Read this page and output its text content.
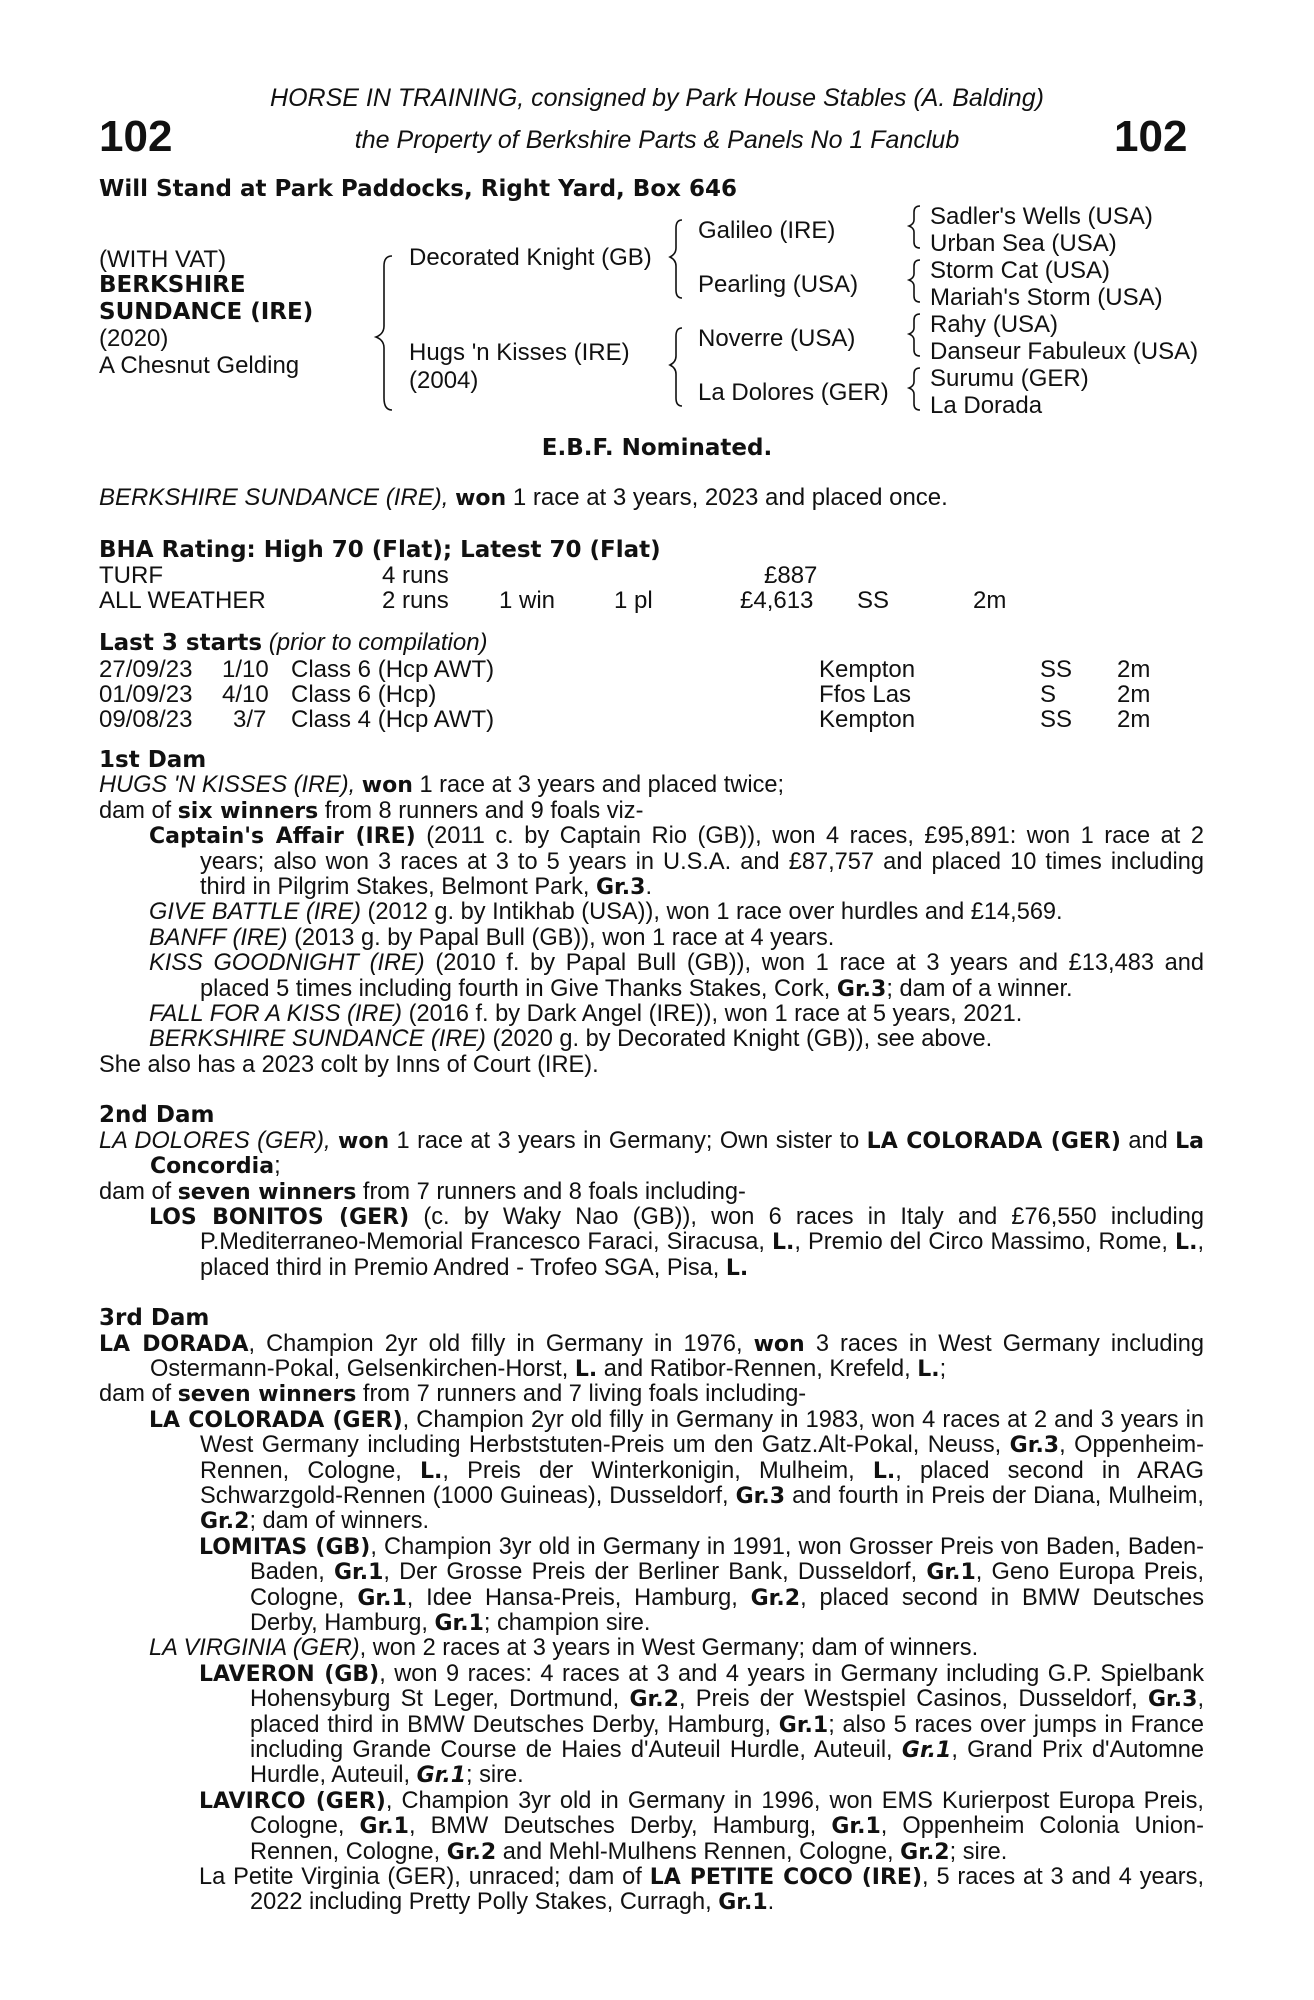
102	102
HORSE IN TRAINING, consigned by Park House Stables (A. Balding)
the Property of Berkshire Parts & Panels No 1 Fanclub
Will Stand at Park Paddocks, Right Yard, Box 646
(WITH VAT)
BERKSHIRE
SUNDANCE (IRE)
(2020)
A Chesnut Gelding
Decorated Knight (GB)
Hugs 'n Kisses (IRE)
(2004)
Galileo (IRE)
Pearling (USA)
Noverre (USA)
La Dolores (GER)
Sadler's Wells (USA)
Urban Sea (USA)
Storm Cat (USA)
Mariah's Storm (USA)
Rahy (USA)
Danseur Fabuleux (USA)
Surumu (GER)
La Dorada
E.B.F. Nominated.
BERKSHIRE SUNDANCE (IRE), won 1 race at 3 years, 2023 and placed once.
BHA Rating: High 70 (Flat); Latest 70 (Flat)
TURF	4 runs	£887
ALL WEATHER	2 runs 1 win 1 pl	£4,613 SS	2m
Last 3 starts (prior to compilation)
27/09/23 1/10 Class 6 (Hcp AWT)	Kempton	SS 2m
01/09/23 4/10 Class 6 (Hcp)	Ffos Las	S	2m
09/08/23 3/7 Class 4 (Hcp AWT)	Kempton	SS 2m

1st Dam

HUGS 'N KISSES (IRE), won 1 race at 3 years and placed twice;

dam of six winners from 8 runners and 9 foals viz-

Captain's Affair (IRE) (2011 c. by Captain Rio (GB)), won 4 races, £95,891: won 1 race at 2 years; also won 3 races at 3 to 5 years in U.S.A. and £87,757 and placed 10 times including third in Pilgrim Stakes, Belmont Park, Gr.3.

GIVE BATTLE (IRE) (2012 g. by Intikhab (USA)), won 1 race over hurdles and £14,569.

BANFF (IRE) (2013 g. by Papal Bull (GB)), won 1 race at 4 years.

KISS GOODNIGHT (IRE) (2010 f. by Papal Bull (GB)), won 1 race at 3 years and £13,483 and placed 5 times including fourth in Give Thanks Stakes, Cork, Gr.3; dam of a winner.

FALL FOR A KISS (IRE) (2016 f. by Dark Angel (IRE)), won 1 race at 5 years, 2021.

BERKSHIRE SUNDANCE (IRE) (2020 g. by Decorated Knight (GB)), see above.

She also has a 2023 colt by Inns of Court (IRE).

2nd Dam

LA DOLORES (GER), won 1 race at 3 years in Germany; Own sister to LA COLORADA (GER) and La Concordia;

dam of seven winners from 7 runners and 8 foals including-

LOS BONITOS (GER) (c. by Waky Nao (GB)), won 6 races in Italy and £76,550 including P.Mediterraneo-Memorial Francesco Faraci, Siracusa, L., Premio del Circo Massimo, Rome, L., placed third in Premio Andred - Trofeo SGA, Pisa, L.

3rd Dam

LA DORADA, Champion 2yr old filly in Germany in 1976, won 3 races in West Germany including Ostermann-Pokal, Gelsenkirchen-Horst, L. and Ratibor-Rennen, Krefeld, L.;

dam of seven winners from 7 runners and 7 living foals including-

LA COLORADA (GER), Champion 2yr old filly in Germany in 1983, won 4 races at 2 and 3 years in West Germany including Herbststuten-Preis um den Gatz.Alt-Pokal, Neuss, Gr.3, Oppenheim-Rennen, Cologne, L., Preis der Winterkonigin, Mulheim, L., placed second in ARAG Schwarzgold-Rennen (1000 Guineas), Dusseldorf, Gr.3 and fourth in Preis der Diana, Mulheim, Gr.2; dam of winners.

LOMITAS (GB), Champion 3yr old in Germany in 1991, won Grosser Preis von Baden, Baden-Baden, Gr.1, Der Grosse Preis der Berliner Bank, Dusseldorf, Gr.1, Geno Europa Preis, Cologne, Gr.1, Idee Hansa-Preis, Hamburg, Gr.2, placed second in BMW Deutsches Derby, Hamburg, Gr.1; champion sire.

LA VIRGINIA (GER), won 2 races at 3 years in West Germany; dam of winners.

LAVERON (GB), won 9 races: 4 races at 3 and 4 years in Germany including G.P. Spielbank Hohensyburg St Leger, Dortmund, Gr.2, Preis der Westspiel Casinos, Dusseldorf, Gr.3, placed third in BMW Deutsches Derby, Hamburg, Gr.1; also 5 races over jumps in France including Grande Course de Haies d'Auteuil Hurdle, Auteuil, Gr.1, Grand Prix d'Automne Hurdle, Auteuil, Gr.1; sire.

LAVIRCO (GER), Champion 3yr old in Germany in 1996, won EMS Kurierpost Europa Preis, Cologne, Gr.1, BMW Deutsches Derby, Hamburg, Gr.1, Oppenheim Colonia Union-Rennen, Cologne, Gr.2 and Mehl-Mulhens Rennen, Cologne, Gr.2; sire.

La Petite Virginia (GER), unraced; dam of LA PETITE COCO (IRE), 5 races at 3 and 4 years, 2022 including Pretty Polly Stakes, Curragh, Gr.1.
